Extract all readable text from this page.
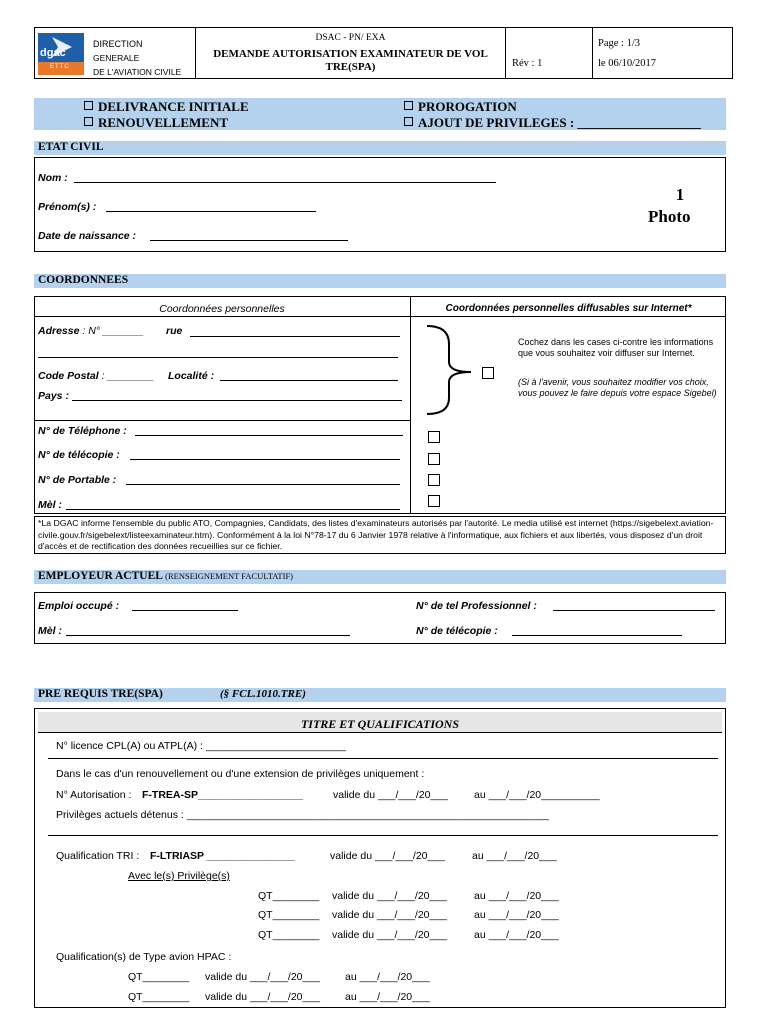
dgac
ETTC
DIRECTION
GENERALE
DE L'AVIATION CIVILE
DSAC - PN/ EXA
DEMANDE AUTORISATION EXAMINATEUR DE VOL TRE(SPA)	Rév : 1
Page : 1/3
le 06/10/2017
DELIVRANCE INITIALE
RENOUVELLEMENT
PROROGATION
AJOUT DE PRIVILEGES : ___________________
ETAT CIVIL
Nom :
Prénom(s) :
Date de naissance :
1
Photo
COORDONNEES
Coordonnées personnelles	Coordonnées personnelles diffusables sur Internet*
Adresse : N° _______ rue
Code Postal : ________ Localité :
Pays :
Cochez dans les cases ci-contre les informations que vous souhaitez voir diffuser sur Internet.
(Si à l'avenir, vous souhaitez modifier vos choix, vous pouvez le faire depuis votre espace Sigebel)
N° de Téléphone :
N° de télécopie :
N° de Portable :
Mèl :
*La DGAC informe l'ensemble du public ATO, Compagnies, Candidats, des listes d'examinateurs autorisés par l'autorité. Le media utilisé est internet (https://sigebelext.aviation-civile.gouv.fr/sigebelext/listeexaminateur.htm). Conformément à la loi N°78-17 du 6 Janvier 1978 relative à l'informatique, aux fichiers et aux libertés, vous disposez d'un droit d'accès et de rectification des données recueillies sur ce fichier.
EMPLOYEUR ACTUEL (RENSEIGNEMENT FACULTATIF)
Emploi occupé :	N° de tel Professionnel :
Mèl :	N° de télécopie :
PRE REQUIS TRE(SPA)	(§ FCL.1010.TRE)
TITRE ET QUALIFICATIONS
N° licence CPL(A) ou ATPL(A) : ________________________
Dans le cas d'un renouvellement ou d'une extension de privilèges uniquement :
N° Autorisation : F-TREA-SP__________________	valide du ___/___/20___ au ___/___/20__________
Privilèges actuels détenus : ______________________________________________________________
Qualification TRI : F-LTRIASP _______________	valide du ___/___/20___	au ___/___/20___
Avec le(s) Privilège(s)
QT________ valide du ___/___/20___	au ___/___/20___
QT________ valide du ___/___/20___	au ___/___/20___
QT________ valide du ___/___/20___	au ___/___/20___
Qualification(s) de Type avion HPAC :
QT________ valide du ___/___/20___ au ___/___/20___
QT________ valide du ___/___/20___ au ___/___/20___
